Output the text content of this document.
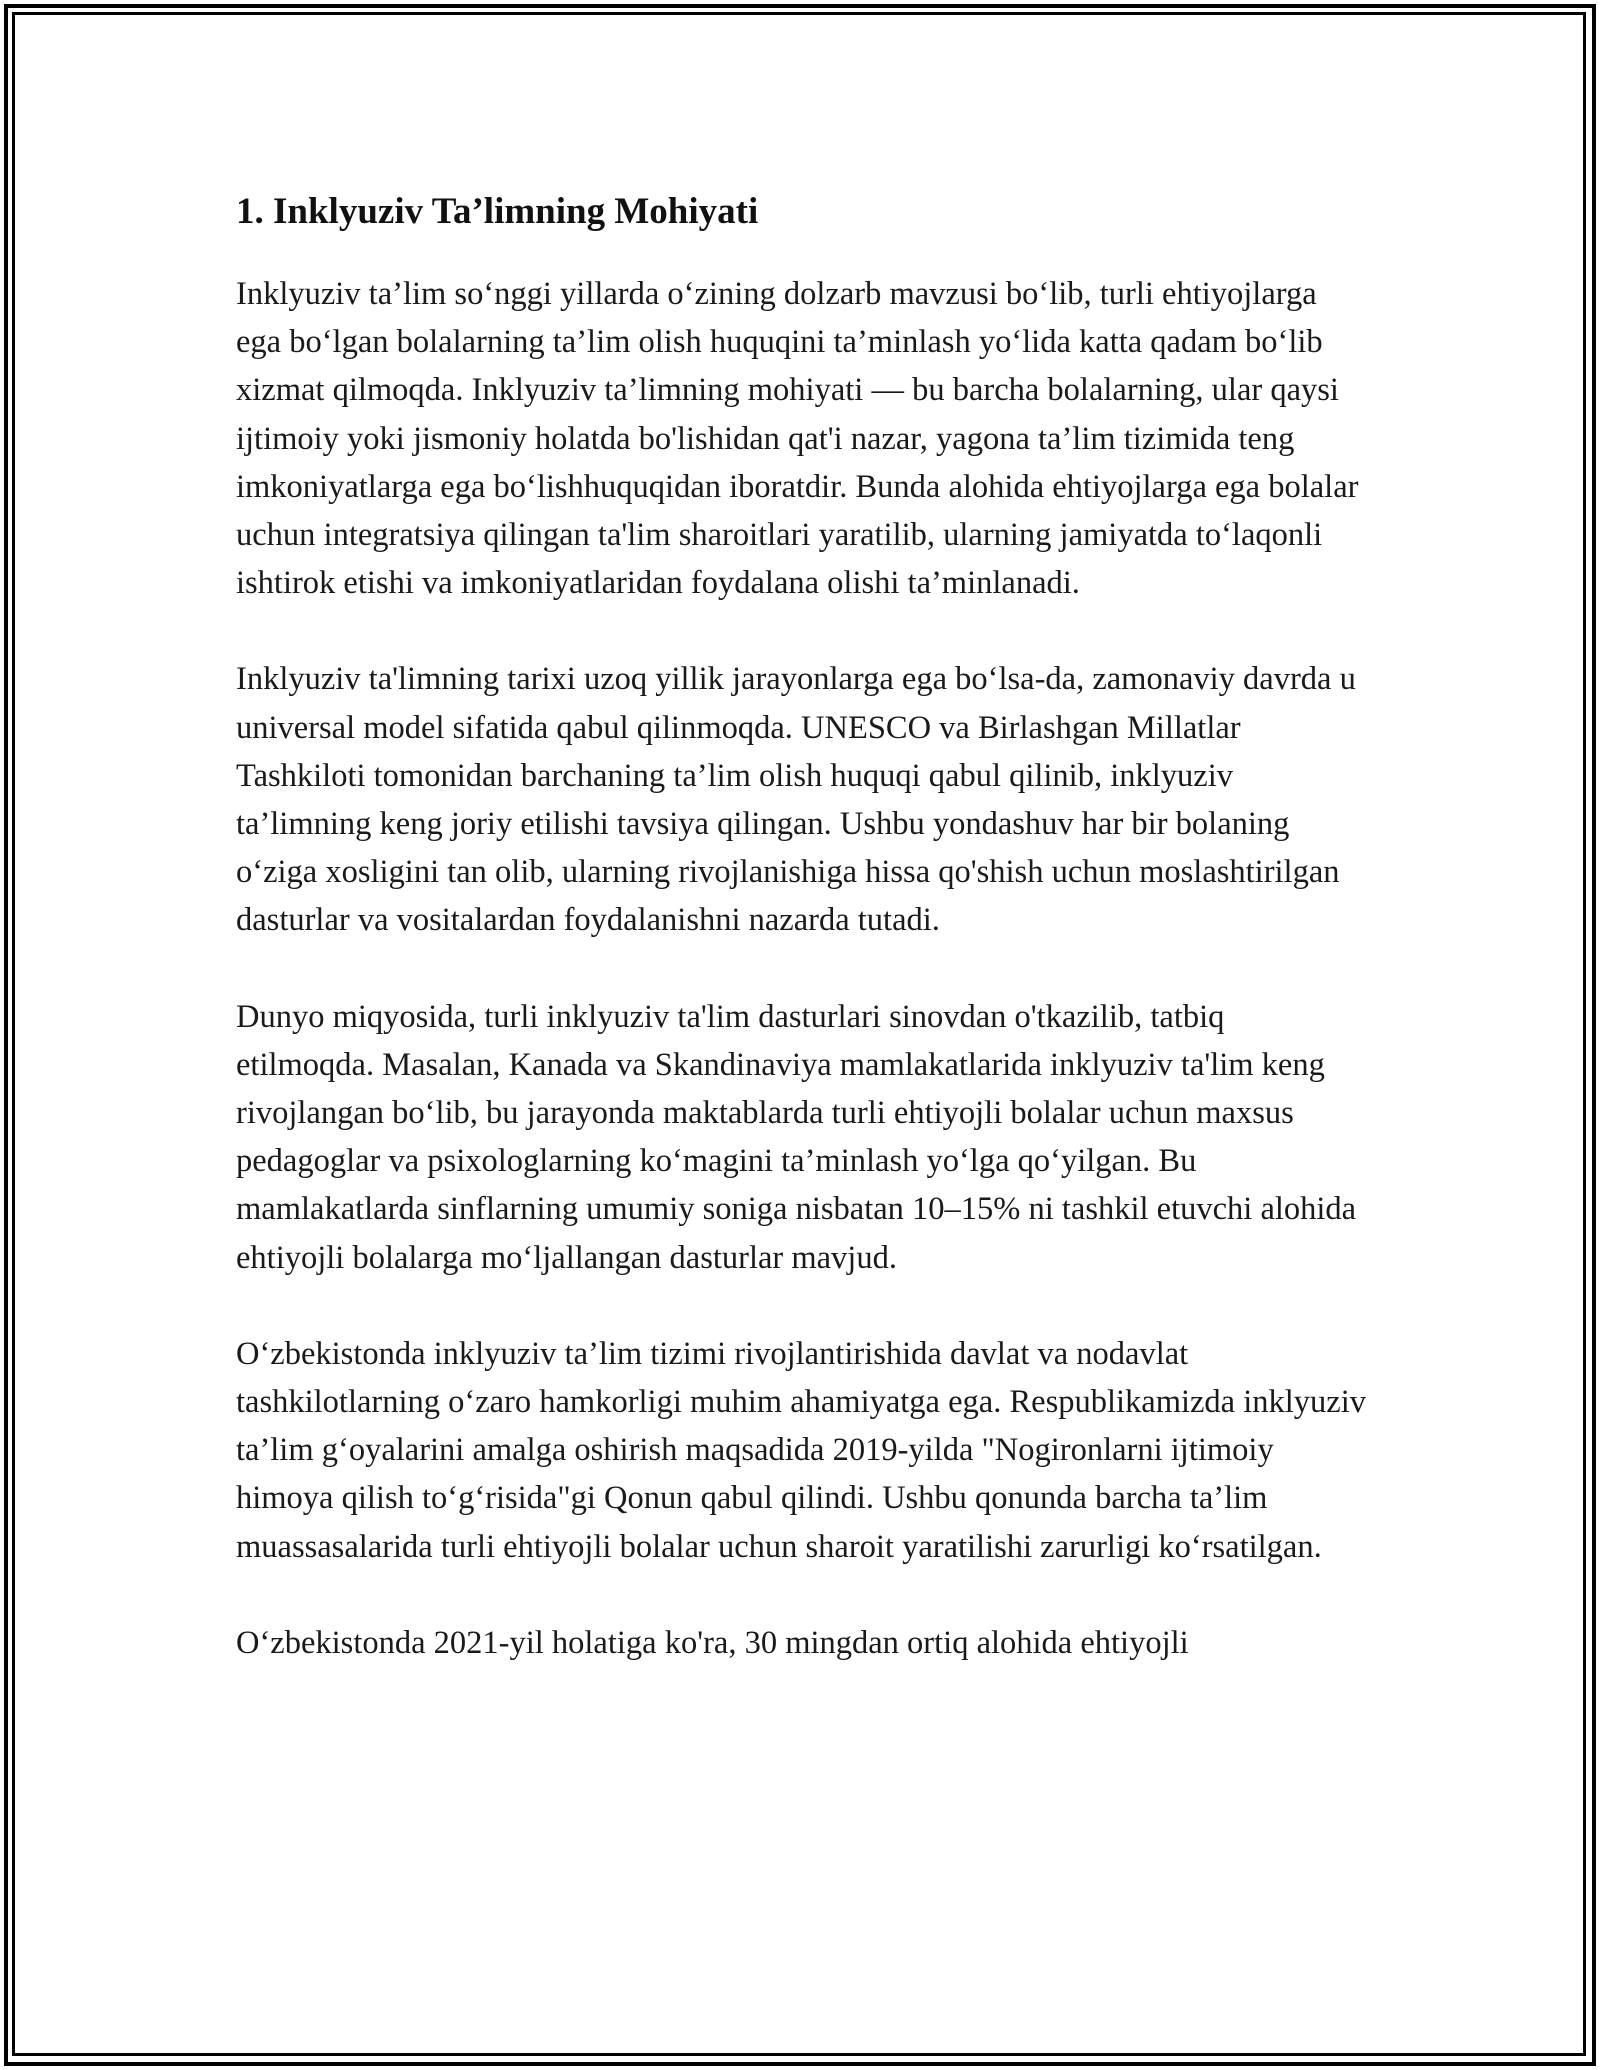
1. Inklyuziv Ta’limning Mohiyati

Inklyuziv ta’lim so‘nggi yillarda o‘zining dolzarb mavzusi bo‘lib, turli ehtiyojlarga ega bo‘lgan bolalarning ta’lim olish huquqini ta’minlash yo‘lida katta qadam bo‘lib xizmat qilmoqda. Inklyuziv ta’limning mohiyati — bu barcha bolalarning, ular qaysi ijtimoiy yoki jismoniy holatda bo'lishidan qat'i nazar, yagona ta’lim tizimida teng imkoniyatlarga ega bo‘lishhuquqidan iboratdir. Bunda alohida ehtiyojlarga ega bolalar uchun integratsiya qilingan ta'lim sharoitlari yaratilib, ularning jamiyatda to‘laqonli ishtirok etishi va imkoniyatlaridan foydalana olishi ta’minlanadi.

Inklyuziv ta'limning tarixi uzoq yillik jarayonlarga ega bo‘lsa-da, zamonaviy davrda u universal model sifatida qabul qilinmoqda. UNESCO va Birlashgan Millatlar Tashkiloti tomonidan barchaning ta’lim olish huquqi qabul qilinib, inklyuziv ta’limning keng joriy etilishi tavsiya qilingan. Ushbu yondashuv har bir bolaning o‘ziga xosligini tan olib, ularning rivojlanishiga hissa qo'shish uchun moslashtirilgan dasturlar va vositalardan foydalanishni nazarda tutadi.

Dunyo miqyosida, turli inklyuziv ta'lim dasturlari sinovdan o'tkazilib, tatbiq etilmoqda. Masalan, Kanada va Skandinaviya mamlakatlarida inklyuziv ta'lim keng rivojlangan bo‘lib, bu jarayonda maktablarda turli ehtiyojli bolalar uchun maxsus pedagoglar va psixologlarning ko‘magini ta’minlash yo‘lga qo‘yilgan. Bu mamlakatlarda sinflarning umumiy soniga nisbatan 10–15% ni tashkil etuvchi alohida ehtiyojli bolalarga mo‘ljallangan dasturlar mavjud.

O‘zbekistonda inklyuziv ta’lim tizimi rivojlantirishida davlat va nodavlat tashkilotlarning o‘zaro hamkorligi muhim ahamiyatga ega. Respublikamizda inklyuziv ta’lim g‘oyalarini amalga oshirish maqsadida 2019-yilda "Nogironlarni ijtimoiy himoya qilish to‘g‘risida"gi Qonun qabul qilindi. Ushbu qonunda barcha ta’lim muassasalarida turli ehtiyojli bolalar uchun sharoit yaratilishi zarurligi ko‘rsatilgan.

O‘zbekistonda 2021-yil holatiga ko'ra, 30 mingdan ortiq alohida ehtiyojli
